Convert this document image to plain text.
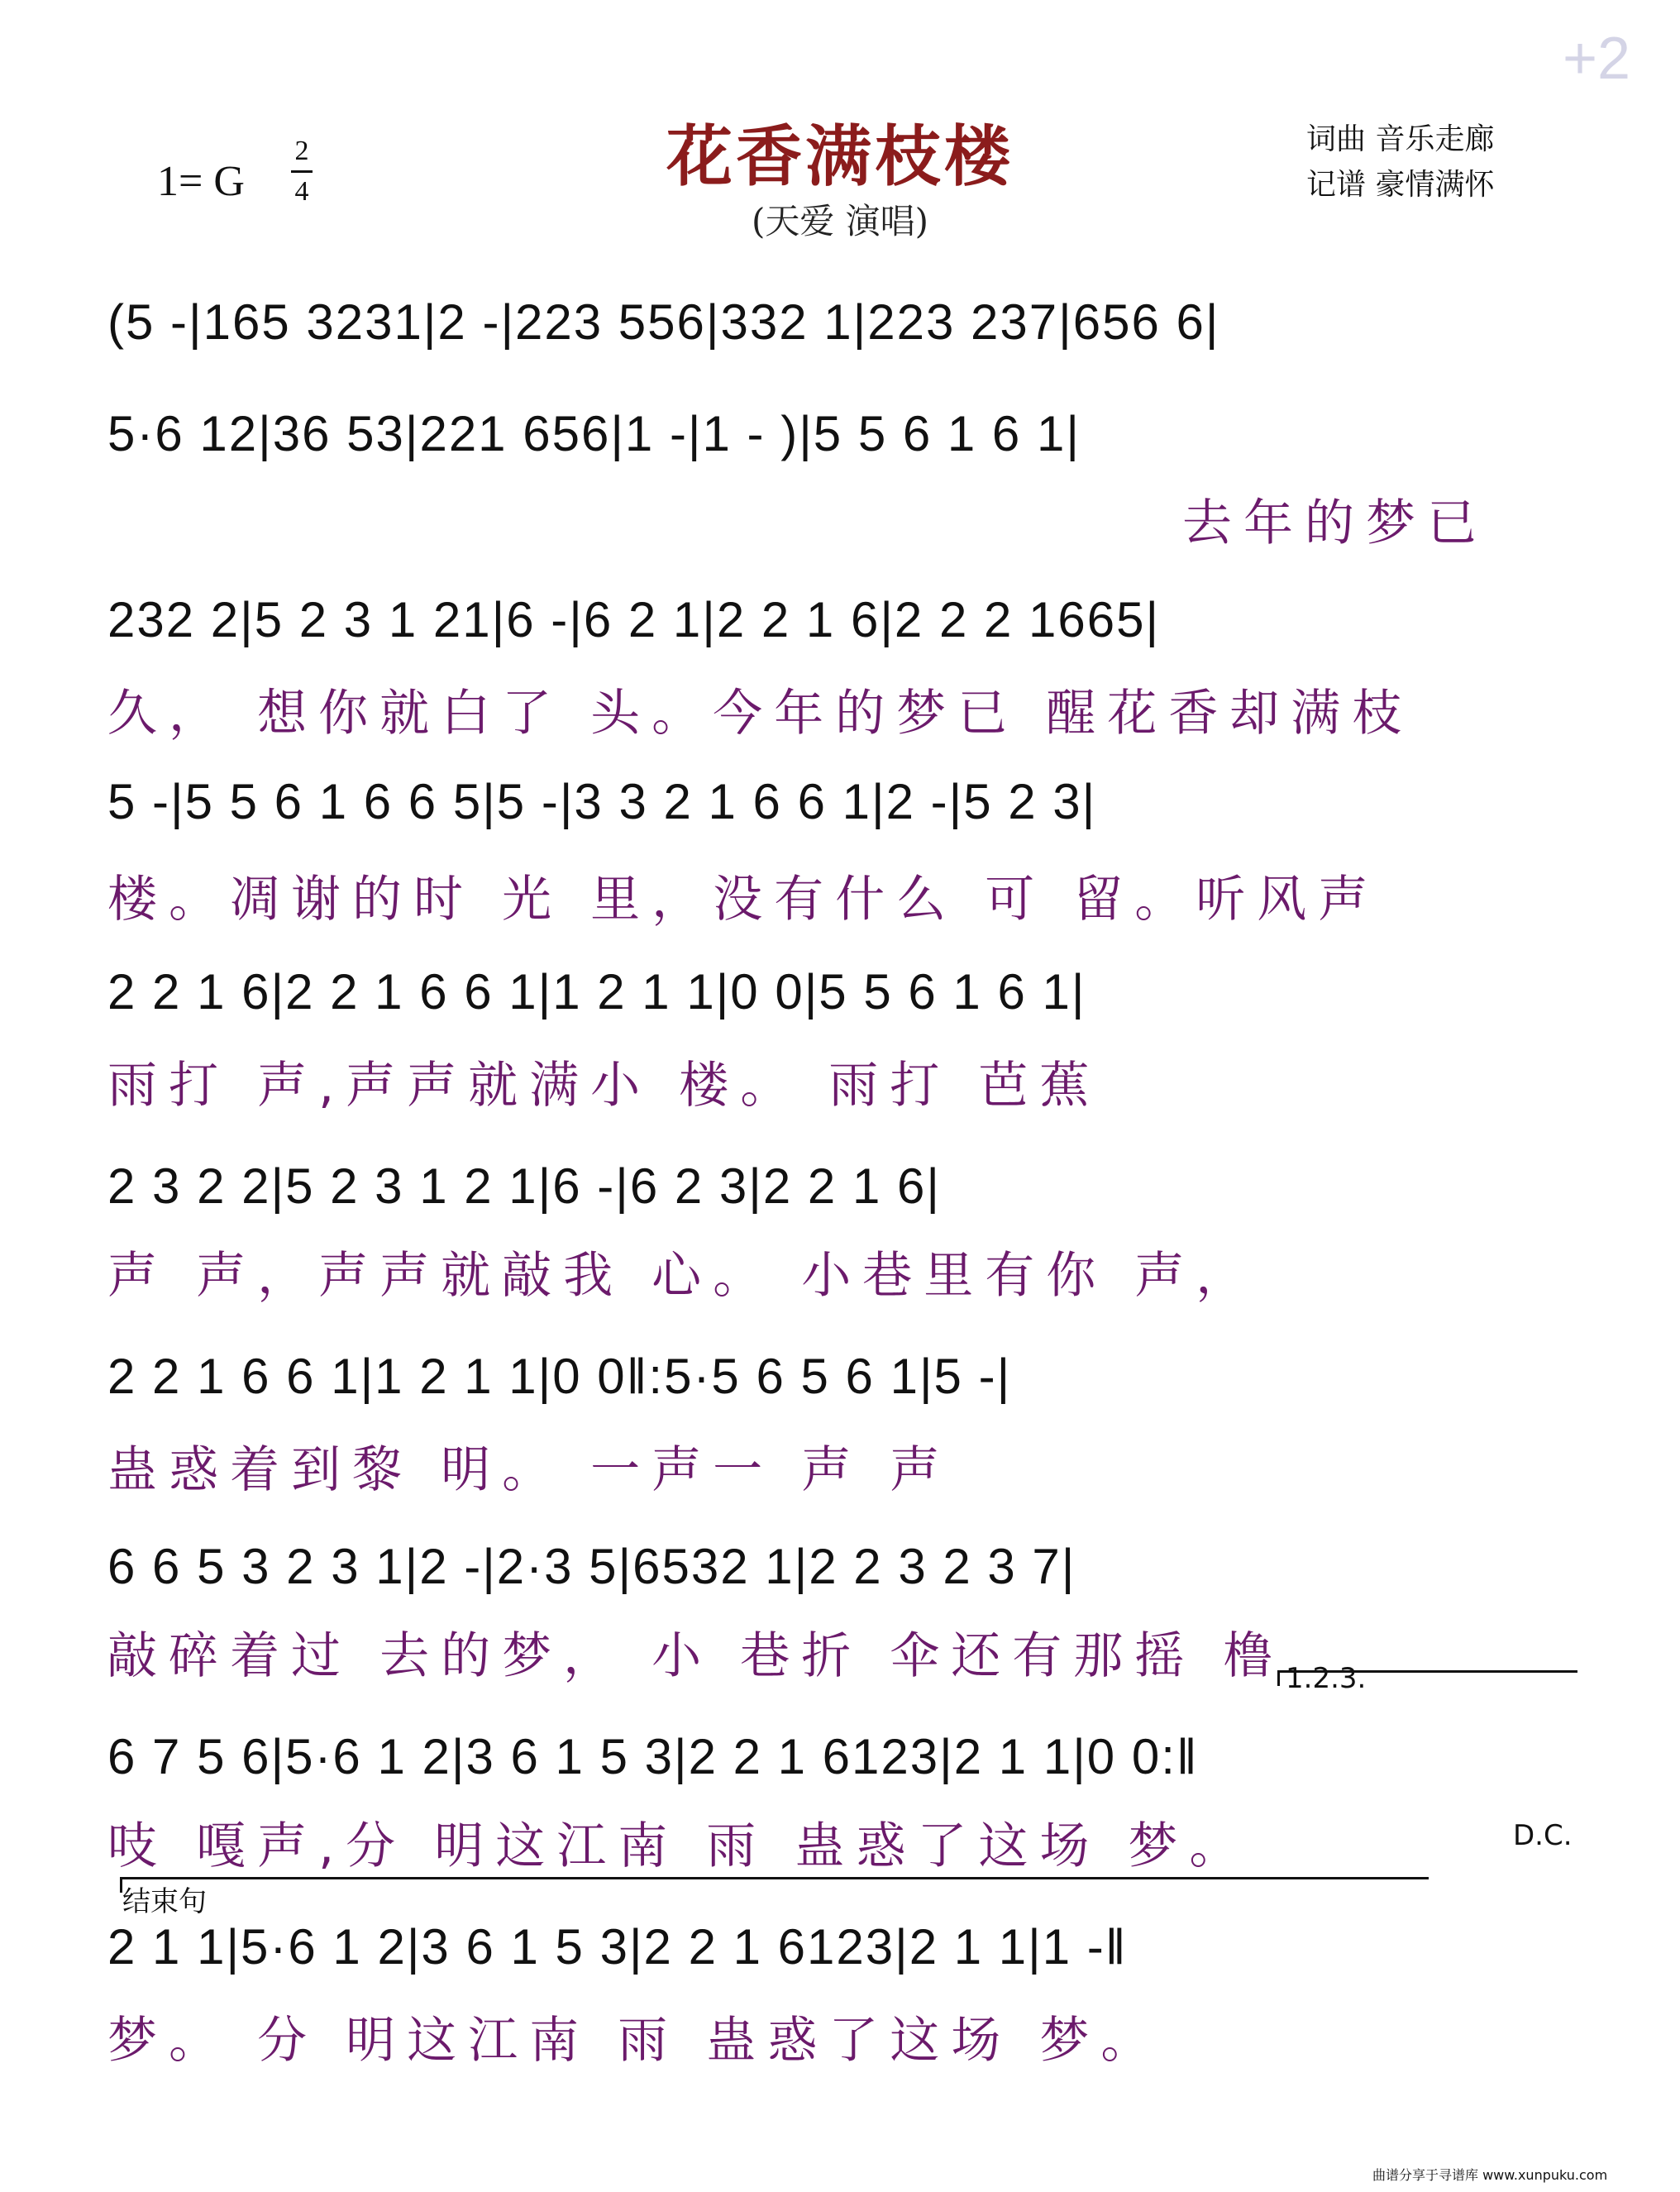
+2
花香满枝楼
(天爱 演唱)
1= G
2
4
词曲 音乐走廊
记谱 豪情满怀
(5 -|165 3231|2 -|223 556|332 1|223 237|656 6|
5·6 12|36 53|221 656|1 -|1 - )|5 5 6 1 6 1|
去年的梦已
232 2|5 2 3 1 21|6 -|6 2 1|2 2 1 6|2 2 2 1665|
久， 想你就白了 头。今年的梦已 醒花香却满枝
5 -|5 5 6 1 6 6 5|5 -|3 3 2 1 6 6 1|2 -|5 2 3|
楼。凋谢的时 光 里，没有什么 可 留。听风声
2 2 1 6|2 2 1 6 6 1|1 2 1 1|0 0|5 5 6 1 6 1|
雨打 声,声声就满小 楼。 雨打 芭蕉
2 3 2 2|5 2 3 1 2 1|6 -|6 2 3|2 2 1 6|
声 声，声声就敲我 心。 小巷里有你 声，
2 2 1 6 6 1|1 2 1 1|0 0‖:5·5 6 5 6 1|5 -|
蛊惑着到黎 明。 一声一 声 声
6 6 5 3 2 3 1|2 -|2·3 5|6532 1|2 2 3 2 3 7|
敲碎着过 去的梦， 小 巷折 伞还有那摇 橹 1.2.3.
6 7 5 6|5·6 1 2|3 6 1 5 3|2 2 1 6123|2 1 1|0 0:‖
吱 嘎声,分 明这江南 雨 蛊惑了这场 梦。	D.C.
结束句
2 1 1|5·6 1 2|3 6 1 5 3|2 2 1 6123|2 1 1|1 -‖
梦。 分 明这江南 雨 蛊惑了这场 梦。
曲谱分享于寻谱库 www.xunpuku.com
